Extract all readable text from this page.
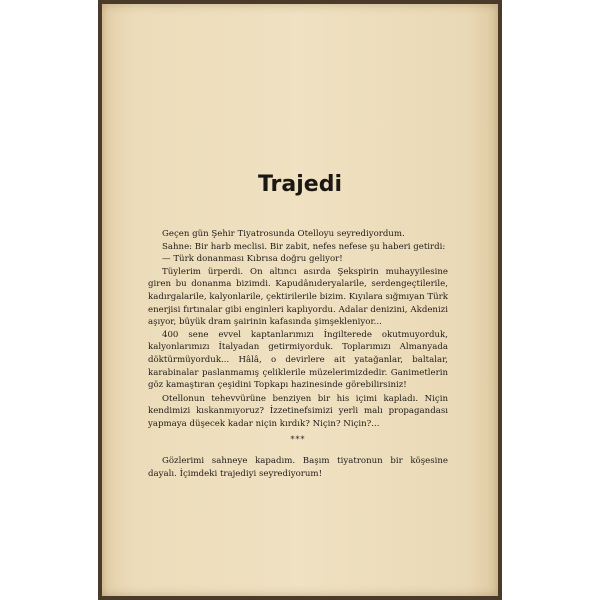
Trajedi

Geçen gün Şehir Tiyatrosunda Otelloyu seyrediyordum.

Sahne: Bir harb meclisi. Bir zabit, nefes nefese şu haberi getirdi:

— Türk donanması Kıbrısa doğru geliyor!

Tüylerim ürperdi. On altıncı asırda Şekspirin muhayyilesine giren bu donanma bizimdi. Kapudânıderyalarile, serdengeçtilerile, kadırgalarile, kalyonlarile, çektirilerile bizim. Kıyılara sığmıyan Türk enerjisi fırtınalar gibi enginleri kaplıyordu. Adalar denizini, Akdenizi aşıyor, büyük dram şairinin kafasında şimşekleniyor...

400 sene evvel kaptanlarımızı İngilterede okutmuyorduk, kalyonlarımızı İtalyadan getirmiyorduk. Toplarımızı Almanyada döktürmüyorduk... Hâlâ, o devirlere ait yatağanlar, baltalar, karabinalar paslanmamış çeliklerile müzelerimizdedir. Ganimetlerin göz kamaştıran çeşidini Topkapı hazinesinde görebilirsiniz!

Otellonun tehevvürüne benziyen bir his içimi kapladı. Niçin kendimizi kıskanmıyoruz? İzzetinefsimizi yerli malı propagandası yapmaya düşecek kadar niçin kırdık? Niçin? Niçin?...

***

Gözlerimi sahneye kapadım. Başım tiyatronun bir köşesine dayalı. İçimdeki trajediyi seyrediyorum!
